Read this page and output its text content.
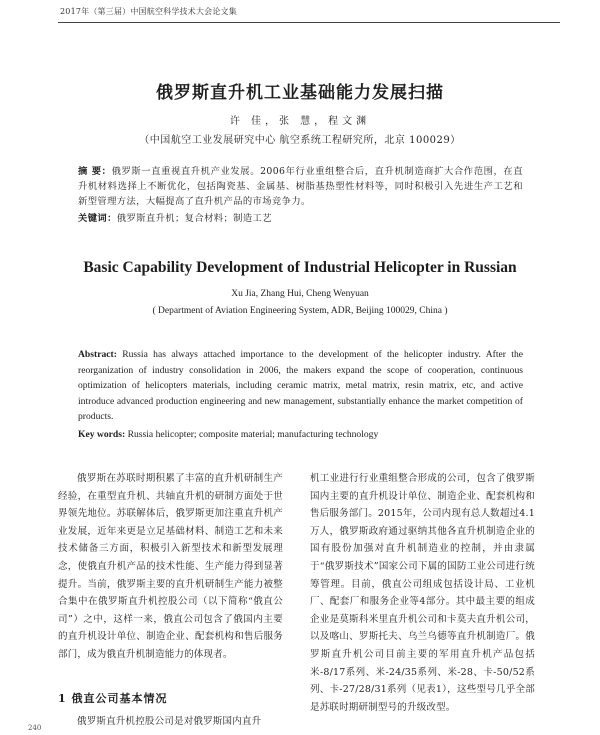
2017年（第三届）中国航空科学技术大会论文集
俄罗斯直升机工业基础能力发展扫描
许 佳，张 慧，程文渊
（中国航空工业发展研究中心 航空系统工程研究所，北京 100029）
摘 要：俄罗斯一直重视直升机产业发展。2006年行业重组整合后，直升机制造商扩大合作范围，在直升机材料选择上不断优化，包括陶瓷基、金属基、树脂基热塑性材料等，同时积极引入先进生产工艺和新型管理方法，大幅提高了直升机产品的市场竞争力。
关键词：俄罗斯直升机；复合材料；制造工艺
Basic Capability Development of Industrial Helicopter in Russian
Xu Jia, Zhang Hui, Cheng Wenyuan
( Department of Aviation Engineering System, ADR, Beijing 100029, China )
Abstract: Russia has always attached importance to the development of the helicopter industry. After the reorganization of industry consolidation in 2006, the makers expand the scope of cooperation, continuous optimization of helicopters materials, including ceramic matrix, metal matrix, resin matrix, etc, and active introduce advanced production engineering and new management, substantially enhance the market competition of products.
Key words: Russia helicopter; composite material; manufacturing technology

俄罗斯在苏联时期积累了丰富的直升机研制生产经验，在重型直升机、共轴直升机的研制方面处于世界领先地位。苏联解体后，俄罗斯更加注重直升机产业发展，近年来更是立足基础材料、制造工艺和未来技术储备三方面，积极引入新型技术和新型发展理念，使俄直升机产品的技术性能、生产能力得到显著提升。当前，俄罗斯主要的直升机研制生产能力被整合集中在俄罗斯直升机控股公司（以下简称“俄直公司”）之中，这样一来，俄直公司包含了俄国内主要的直升机设计单位、制造企业、配套机构和售后服务部门，成为俄直升机制造能力的体现者。

机工业进行行业重组整合形成的公司，包含了俄罗斯国内主要的直升机设计单位、制造企业、配套机构和售后服务部门。2015年，公司内现有总人数超过4.1万人，俄罗斯政府通过驱纳其他各直升机制造企业的国有股份加强对直升机制造业的控制，并由隶属于“俄罗斯技术”国家公司下属的国防工业公司进行统筹管理。目前，俄直公司组成包括设计局、工业机厂、配套厂和服务企业等4部分。其中最主要的组成企业是莫斯科米里直升机公司和卡莫夫直升机公司，以及喀山、罗斯托夫、乌兰乌德等直升机制造厂。俄罗斯直升机公司目前主要的军用直升机产品包括米-8/17系列、米-24/35系列、米-28、卡-50/52系列、卡-27/28/31系列（见表1），这些型号几乎全部是苏联时期研制型号的升级改型。

1 俄直公司基本情况
俄罗斯直升机控股公司是对俄罗斯国内直升
240
